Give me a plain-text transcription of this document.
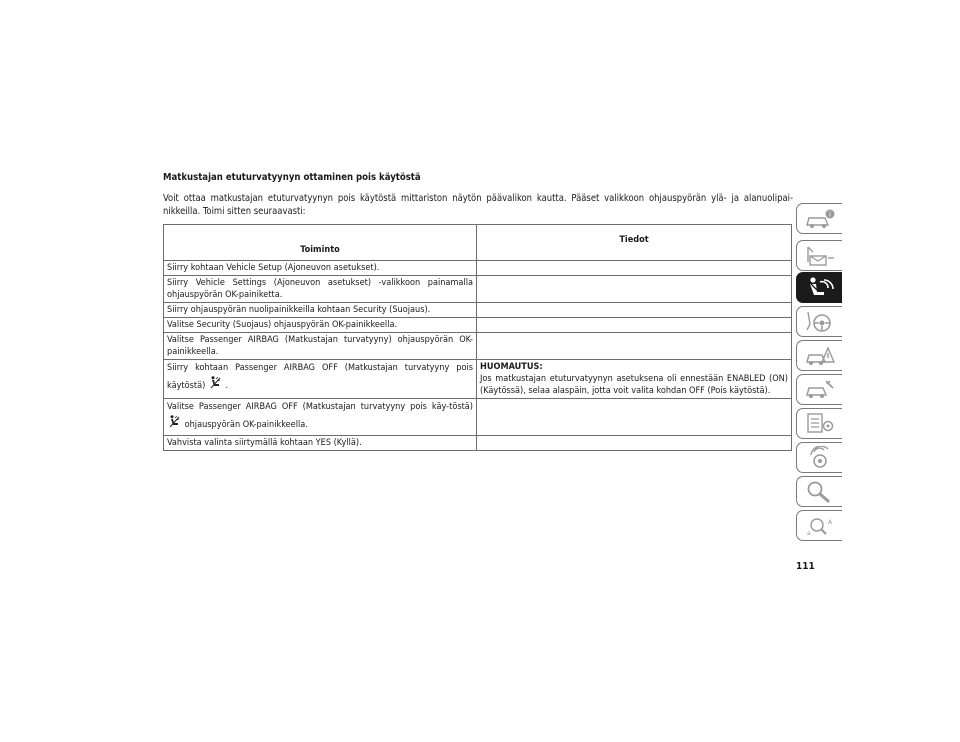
Matkustajan etuturvatyynyn ottaminen pois käytöstä
Voit ottaa matkustajan etuturvatyynyn pois käytöstä mittariston näytön päävalikon kautta. Pääset valikkoon ohjauspyörän ylä- ja alanuolipai-nikkeilla. Toimi sitten seuraavasti:
Toiminto	Tiedot
Siirry kohtaan Vehicle Setup (Ajoneuvon asetukset).	
Siirry Vehicle Settings (Ajoneuvon asetukset) -valikkoon painamalla ohjauspyörän OK-painiketta.	
Siirry ohjauspyörän nuolipainikkeilla kohtaan Security (Suojaus).	
Valitse Security (Suojaus) ohjauspyörän OK-painikkeella.	
Valitse Passenger AIRBAG (Matkustajan turvatyyny) ohjauspyörän OK-painikkeella.	
Siirry kohtaan Passenger AIRBAG OFF (Matkustajan turvatyyny pois käytöstä) .	HUOMAUTUS:
Jos matkustajan etuturvatyynyn asetuksena oli ennestään ENABLED (ON) (Käytössä), selaa alaspäin, jotta voit valita kohdan OFF (Pois käytöstä).
Valitse Passenger AIRBAG OFF (Matkustajan turvatyyny pois käy-töstä)  ohjauspyörän OK-painikkeella.	
Vahvista valinta siirtymällä kohtaan YES (Kyllä).	
i
A
a
111
